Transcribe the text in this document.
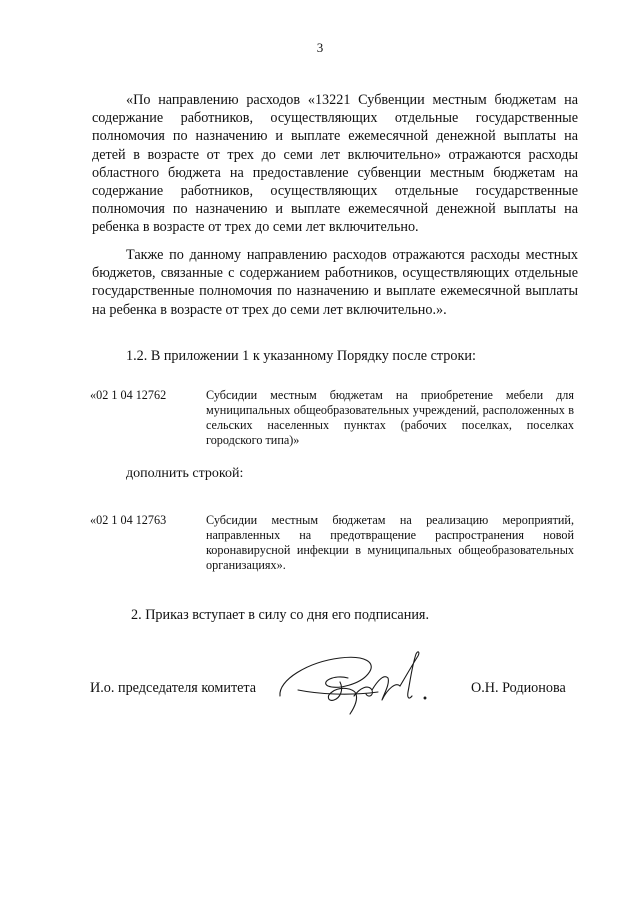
3

«По направлению расходов «13221 Субвенции местным бюджетам на содержание работников, осуществляющих отдельные государственные полномочия по назначению и выплате ежемесячной денежной выплаты на детей в возрасте от трех до семи лет включительно» отражаются расходы областного бюджета на предоставление субвенции местным бюджетам на содержание работников, осуществляющих отдельные государственные полномочия по назначению и выплате ежемесячной денежной выплаты на ребенка в возрасте от трех до семи лет включительно.

Также по данному направлению расходов отражаются расходы местных бюджетов, связанные с содержанием работников, осуществляющих отдельные государственные полномочия по назначению и выплате ежемесячной выплаты на ребенка в возрасте от трех до семи лет включительно.».

1.2. В приложении 1 к указанному Порядку после строки:

«02 1 04 12762	Субсидии местным бюджетам на приобретение мебели для муниципальных общеобразовательных учреждений, расположенных в сельских населенных пунктах (рабочих поселках, поселках городского типа)»

дополнить строкой:

«02 1 04 12763	Субсидии местным бюджетам на реализацию мероприятий, направленных на предотвращение распространения новой коронавирусной инфекции в муниципальных общеобразовательных организациях».

2. Приказ вступает в силу со дня его подписания.

И.о. председателя комитета	О.Н. Родионова
